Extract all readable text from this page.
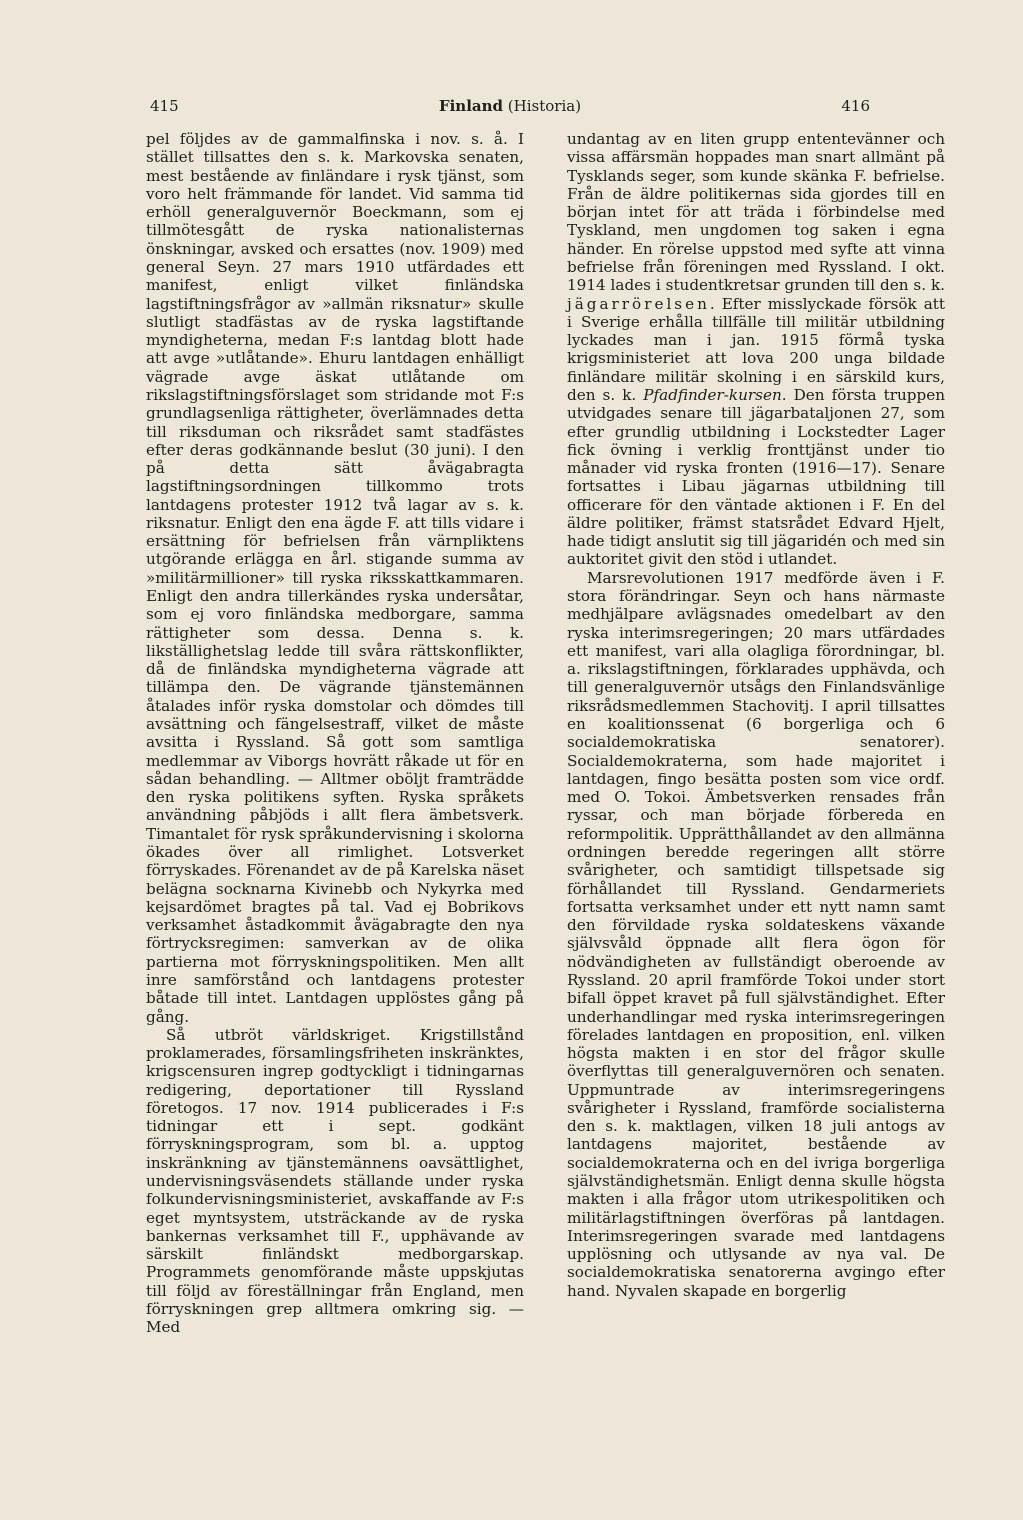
415	Finland (Historia)	416

pel följdes av de gammalfinska i nov. s. å. I stället tillsattes den s. k. Markovska senaten, mest bestående av finländare i rysk tjänst, som voro helt främmande för landet. Vid samma tid erhöll generalguvernör Boeckmann, som ej tillmötesgått de ryska nationalisternas önskningar, avsked och ersattes (nov. 1909) med general Seyn. 27 mars 1910 utfärdades ett manifest, enligt vilket finländska lagstiftningsfrågor av »allmän riksnatur» skulle slutligt stadfästas av de ryska lagstiftande myndigheterna, medan F:s lantdag blott hade att avge »utlåtande». Ehuru lantdagen enhälligt vägrade avge äskat utlåtande om rikslagstiftningsförslaget som stridande mot F:s grundlagsenliga rättigheter, överlämnades detta till riksduman och riksrådet samt stadfästes efter deras godkännande beslut (30 juni). I den på detta sätt åvägabragta lagstiftningsordningen tillkommo trots lantdagens protester 1912 två lagar av s. k. riksnatur. Enligt den ena ägde F. att tills vidare i ersättning för befrielsen från värnpliktens utgörande erlägga en årl. stigande summa av »militärmillioner» till ryska riksskattkammaren. Enligt den andra tillerkändes ryska undersåtar, som ej voro finländska medborgare, samma rättigheter som dessa. Denna s. k. likställighetslag ledde till svåra rättskonflikter, då de finländska myndigheterna vägrade att tillämpa den. De vägrande tjänstemännen åtalades inför ryska domstolar och dömdes till avsättning och fängelsestraff, vilket de måste avsitta i Ryssland. Så gott som samtliga medlemmar av Viborgs hovrätt råkade ut för en sådan behandling. — Alltmer oböljt framträdde den ryska politikens syften. Ryska språkets användning påbjöds i allt flera ämbetsverk. Timantalet för rysk språkundervisning i skolorna ökades över all rimlighet. Lotsverket förryskades. Förenandet av de på Karelska näset belägna socknarna Kivinebb och Nykyrka med kejsardömet bragtes på tal. Vad ej Bobrikovs verksamhet åstadkommit åvägabragte den nya förtrycksregimen: samverkan av de olika partierna mot förryskningspolitiken. Men allt inre samförstånd och lantdagens protester båtade till intet. Lantdagen upplöstes gång på gång.

Så utbröt världskriget. Krigstillstånd proklamerades, församlingsfriheten inskränktes, krigscensuren ingrep godtyckligt i tidningarnas redigering, deportationer till Ryssland företogos. 17 nov. 1914 publicerades i F:s tidningar ett i sept. godkänt förryskningsprogram, som bl. a. upptog inskränkning av tjänstemännens oavsättlighet, undervisningsväsendets ställande under ryska folkundervisningsministeriet, avskaffande av F:s eget myntsystem, utsträckande av de ryska bankernas verksamhet till F., upphävande av särskilt finländskt medborgarskap. Programmets genomförande måste uppskjutas till följd av föreställningar från England, men förryskningen grep alltmera omkring sig. — Med

undantag av en liten grupp ententevänner och vissa affärsmän hoppades man snart allmänt på Tysklands seger, som kunde skänka F. befrielse. Från de äldre politikernas sida gjordes till en början intet för att träda i förbindelse med Tyskland, men ungdomen tog saken i egna händer. En rörelse uppstod med syfte att vinna befrielse från föreningen med Ryssland. I okt. 1914 lades i studentkretsar grunden till den s. k. jägarrörelsen. Efter misslyckade försök att i Sverige erhålla tillfälle till militär utbildning lyckades man i jan. 1915 förmå tyska krigsministeriet att lova 200 unga bildade finländare militär skolning i en särskild kurs, den s. k. Pfadfinder-kursen. Den första truppen utvidgades senare till jägarbataljonen 27, som efter grundlig utbildning i Lockstedter Lager fick övning i verklig fronttjänst under tio månader vid ryska fronten (1916—17). Senare fortsattes i Libau jägarnas utbildning till officerare för den väntade aktionen i F. En del äldre politiker, främst statsrådet Edvard Hjelt, hade tidigt anslutit sig till jägaridén och med sin auktoritet givit den stöd i utlandet.

Marsrevolutionen 1917 medförde även i F. stora förändringar. Seyn och hans närmaste medhjälpare avlägsnades omedelbart av den ryska interimsregeringen; 20 mars utfärdades ett manifest, vari alla olagliga förordningar, bl. a. rikslagstiftningen, förklarades upphävda, och till generalguvernör utsågs den Finlandsvänlige riksrådsmedlemmen Stachovitj. I april tillsattes en koalitionssenat (6 borgerliga och 6 socialdemokratiska senatorer). Socialdemokraterna, som hade majoritet i lantdagen, fingo besätta posten som vice ordf. med O. Tokoi. Ämbetsverken rensades från ryssar, och man började förbereda en reformpolitik. Upprätthållandet av den allmänna ordningen beredde regeringen allt större svårigheter, och samtidigt tillspetsade sig förhållandet till Ryssland. Gendarmeriets fortsatta verksamhet under ett nytt namn samt den förvildade ryska soldateskens växande självsvåld öppnade allt flera ögon för nödvändigheten av fullständigt oberoende av Ryssland. 20 april framförde Tokoi under stort bifall öppet kravet på full självständighet. Efter underhandlingar med ryska interimsregeringen förelades lantdagen en proposition, enl. vilken högsta makten i en stor del frågor skulle överflyttas till generalguvernören och senaten. Uppmuntrade av interimsregeringens svårigheter i Ryssland, framförde socialisterna den s. k. maktlagen, vilken 18 juli antogs av lantdagens majoritet, bestående av socialdemokraterna och en del ivriga borgerliga självständighetsmän. Enligt denna skulle högsta makten i alla frågor utom utrikespolitiken och militärlagstiftningen överföras på lantdagen. Interimsregeringen svarade med lantdagens upplösning och utlysande av nya val. De socialdemokratiska senatorerna avgingo efter hand. Nyvalen skapade en borgerlig
